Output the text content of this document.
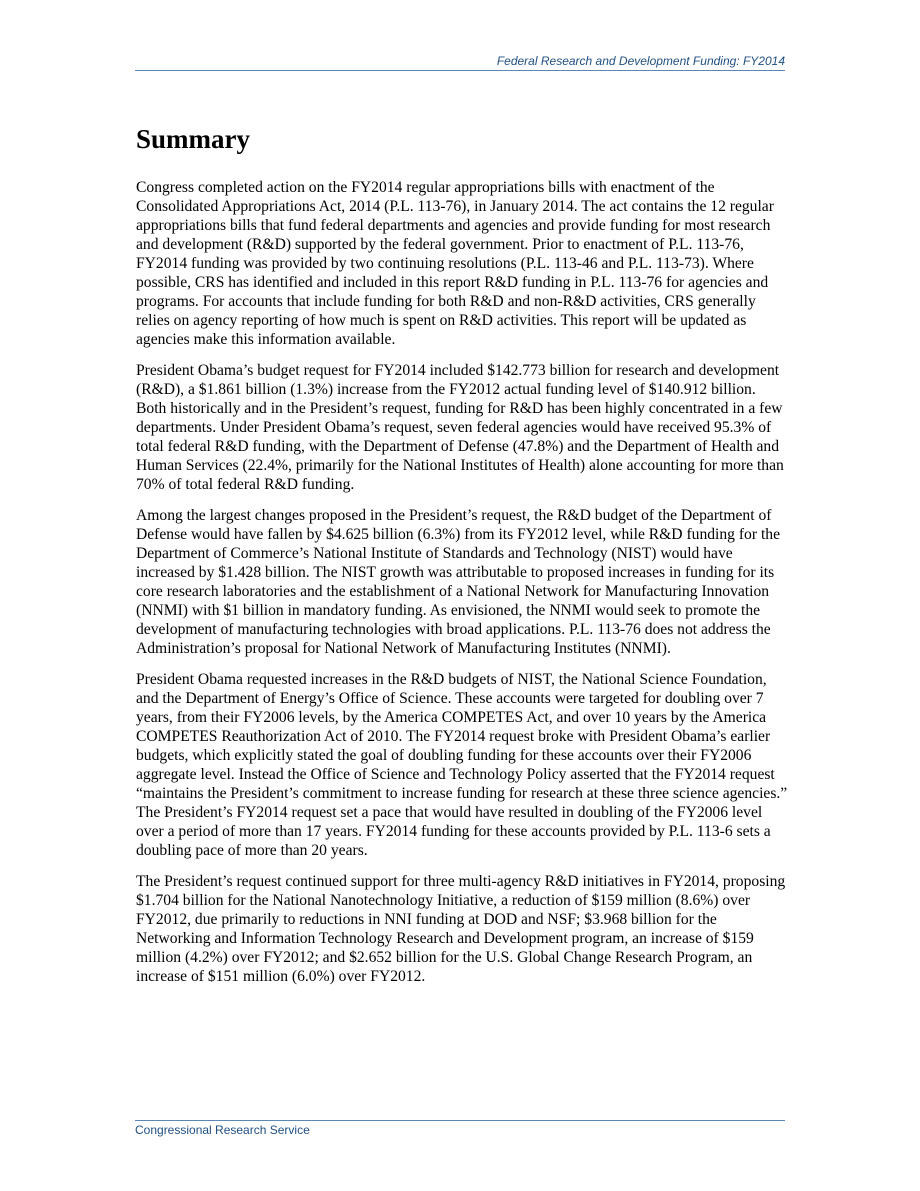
Federal Research and Development Funding: FY2014
Summary

Congress completed action on the FY2014 regular appropriations bills with enactment of the Consolidated Appropriations Act, 2014 (P.L. 113-76), in January 2014. The act contains the 12 regular appropriations bills that fund federal departments and agencies and provide funding for most research and development (R&D) supported by the federal government. Prior to enactment of P.L. 113-76, FY2014 funding was provided by two continuing resolutions (P.L. 113-46 and P.L. 113-73). Where possible, CRS has identified and included in this report R&D funding in P.L. 113-76 for agencies and programs. For accounts that include funding for both R&D and non-R&D activities, CRS generally relies on agency reporting of how much is spent on R&D activities. This report will be updated as agencies make this information available.

President Obama’s budget request for FY2014 included $142.773 billion for research and development (R&D), a $1.861 billion (1.3%) increase from the FY2012 actual funding level of $140.912 billion. Both historically and in the President’s request, funding for R&D has been highly concentrated in a few departments. Under President Obama’s request, seven federal agencies would have received 95.3% of total federal R&D funding, with the Department of Defense (47.8%) and the Department of Health and Human Services (22.4%, primarily for the National Institutes of Health) alone accounting for more than 70% of total federal R&D funding.

Among the largest changes proposed in the President’s request, the R&D budget of the Department of Defense would have fallen by $4.625 billion (6.3%) from its FY2012 level, while R&D funding for the Department of Commerce’s National Institute of Standards and Technology (NIST) would have increased by $1.428 billion. The NIST growth was attributable to proposed increases in funding for its core research laboratories and the establishment of a National Network for Manufacturing Innovation (NNMI) with $1 billion in mandatory funding. As envisioned, the NNMI would seek to promote the development of manufacturing technologies with broad applications. P.L. 113-76 does not address the Administration’s proposal for National Network of Manufacturing Institutes (NNMI).

President Obama requested increases in the R&D budgets of NIST, the National Science Foundation, and the Department of Energy’s Office of Science. These accounts were targeted for doubling over 7 years, from their FY2006 levels, by the America COMPETES Act, and over 10 years by the America COMPETES Reauthorization Act of 2010. The FY2014 request broke with President Obama’s earlier budgets, which explicitly stated the goal of doubling funding for these accounts over their FY2006 aggregate level. Instead the Office of Science and Technology Policy asserted that the FY2014 request “maintains the President’s commitment to increase funding for research at these three science agencies.” The President’s FY2014 request set a pace that would have resulted in doubling of the FY2006 level over a period of more than 17 years. FY2014 funding for these accounts provided by P.L. 113-6 sets a doubling pace of more than 20 years.

The President’s request continued support for three multi-agency R&D initiatives in FY2014, proposing $1.704 billion for the National Nanotechnology Initiative, a reduction of $159 million (8.6%) over FY2012, due primarily to reductions in NNI funding at DOD and NSF; $3.968 billion for the Networking and Information Technology Research and Development program, an increase of $159 million (4.2%) over FY2012; and $2.652 billion for the U.S. Global Change Research Program, an increase of $151 million (6.0%) over FY2012.

Congressional Research Service
